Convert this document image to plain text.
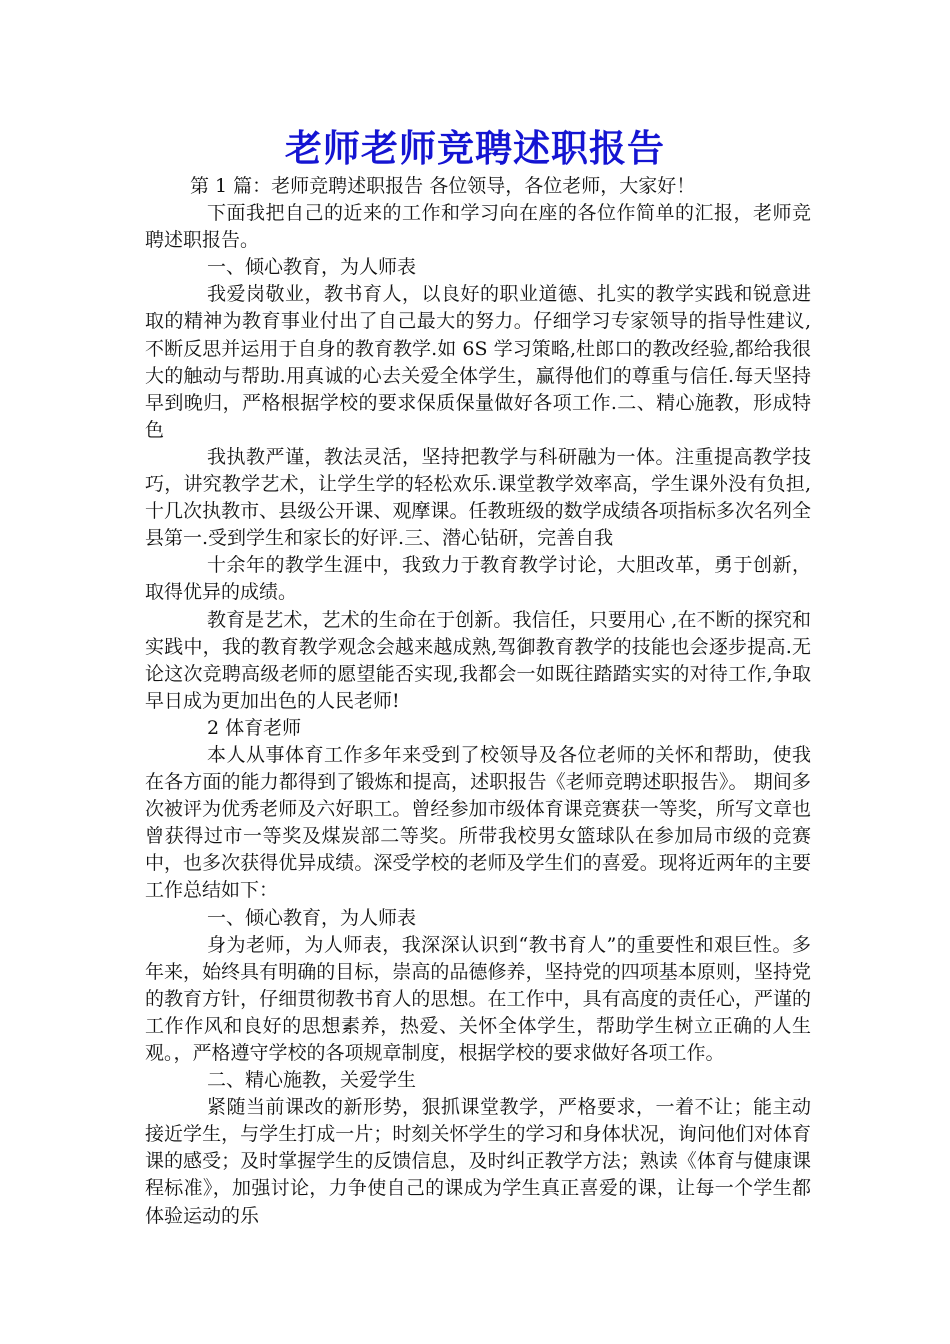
老师老师竞聘述职报告

第 1 篇：老师竞聘述职报告 各位领导，各位老师，大家好！

下面我把自己的近来的工作和学习向在座的各位作简单的汇报，老师竞聘述职报告。

一、倾心教育，为人师表

我爱岗敬业，教书育人，以良好的职业道德、扎实的教学实践和锐意进取的精神为教育事业付出了自己最大的努力。仔细学习专家领导的指导性建议,不断反思并运用于自身的教育教学.如 6S 学习策略,杜郎口的教改经验,都给我很大的触动与帮助.用真诚的心去关爱全体学生，赢得他们的尊重与信任.每天坚持早到晚归，严格根据学校的要求保质保量做好各项工作.二、精心施教，形成特色

我执教严谨，教法灵活，坚持把教学与科研融为一体。注重提高教学技巧，讲究教学艺术，让学生学的轻松欢乐.课堂教学效率高，学生课外没有负担,十几次执教市、县级公开课、观摩课。任教班级的数学成绩各项指标多次名列全县第一.受到学生和家长的好评.三、潜心钻研，完善自我

十余年的教学生涯中，我致力于教育教学讨论，大胆改革，勇于创新，取得优异的成绩。

教育是艺术，艺术的生命在于创新。我信任，只要用心 ,在不断的探究和实践中，我的教育教学观念会越来越成熟,驾御教育教学的技能也会逐步提高.无论这次竞聘高级老师的愿望能否实现,我都会一如既往踏踏实实的对待工作,争取早日成为更加出色的人民老师!

2 体育老师

本人从事体育工作多年来受到了校领导及各位老师的关怀和帮助，使我在各方面的能力都得到了锻炼和提高，述职报告《老师竞聘述职报告》。 期间多次被评为优秀老师及六好职工。曾经参加市级体育课竞赛获一等奖，所写文章也曾获得过市一等奖及煤炭部二等奖。所带我校男女篮球队在参加局市级的竞赛中，也多次获得优异成绩。深受学校的老师及学生们的喜爱。现将近两年的主要工作总结如下：

一、倾心教育，为人师表

身为老师，为人师表，我深深认识到“教书育人”的重要性和艰巨性。多年来，始终具有明确的目标，崇高的品德修养，坚持党的四项基本原则，坚持党的教育方针，仔细贯彻教书育人的思想。在工作中，具有高度的责任心，严谨的工作作风和良好的思想素养，热爱、关怀全体学生，帮助学生树立正确的人生观。，严格遵守学校的各项规章制度，根据学校的要求做好各项工作。

二、精心施教，关爱学生

紧随当前课改的新形势，狠抓课堂教学，严格要求，一着不让；能主动接近学生，与学生打成一片；时刻关怀学生的学习和身体状况，询问他们对体育课的感受；及时掌握学生的反馈信息，及时纠正教学方法；熟读《体育与健康课程标准》，加强讨论，力争使自己的课成为学生真正喜爱的课，让每一个学生都体验运动的乐
